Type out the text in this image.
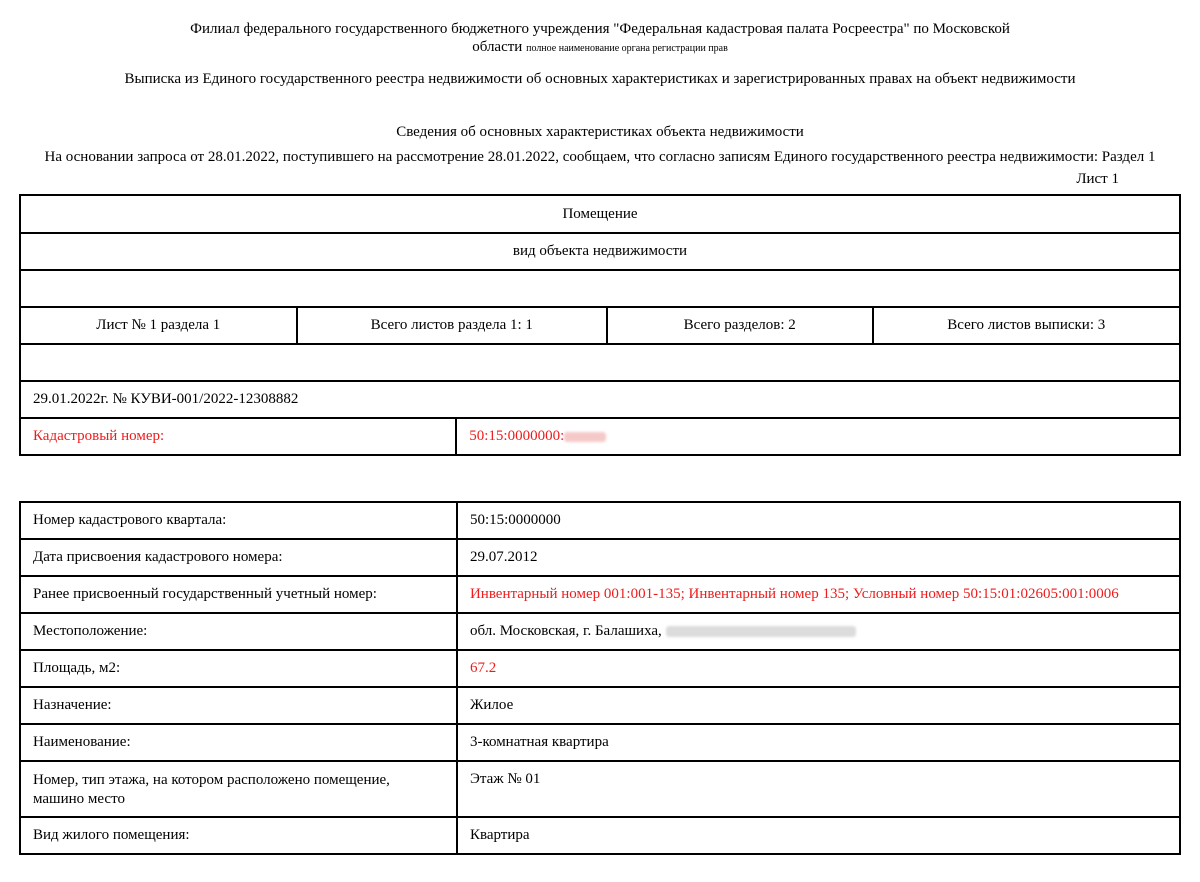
Филиал федерального государственного бюджетного учреждения "Федеральная кадастровая палата Росреестра" по Московской
области полное наименование органа регистрации прав
Выписка из Единого государственного реестра недвижимости об основных характеристиках и зарегистрированных правах на объект недвижимости
Сведения об основных характеристиках объекта недвижимости
На основании запроса от 28.01.2022, поступившего на рассмотрение 28.01.2022, сообщаем, что согласно записям Единого государственного реестра недвижимости: Раздел 1
Лист 1
Помещение				
вид объекта недвижимости				

Лист № 1 раздела 1	Всего листов раздела 1: 1		Всего разделов: 2	Всего листов выписки: 3

29.01.2022г. № КУВИ-001/2022-12308882				
Кадастровый номер:		50:15:0000000:		
Номер кадастрового квартала:	50:15:0000000
Дата присвоения кадастрового номера:	29.07.2012
Ранее присвоенный государственный учетный номер:	Инвентарный номер 001:001-135; Инвентарный номер 135; Условный номер 50:15:01:02605:001:0006
Местоположение:	обл. Московская, г. Балашиха,
Площадь, м2:	67.2
Назначение:	Жилое
Наименование:	3-комнатная квартира

Номер, тип этажа, на котором расположено помещение, машино место	Этаж № 01
Вид жилого помещения:	Квартира
